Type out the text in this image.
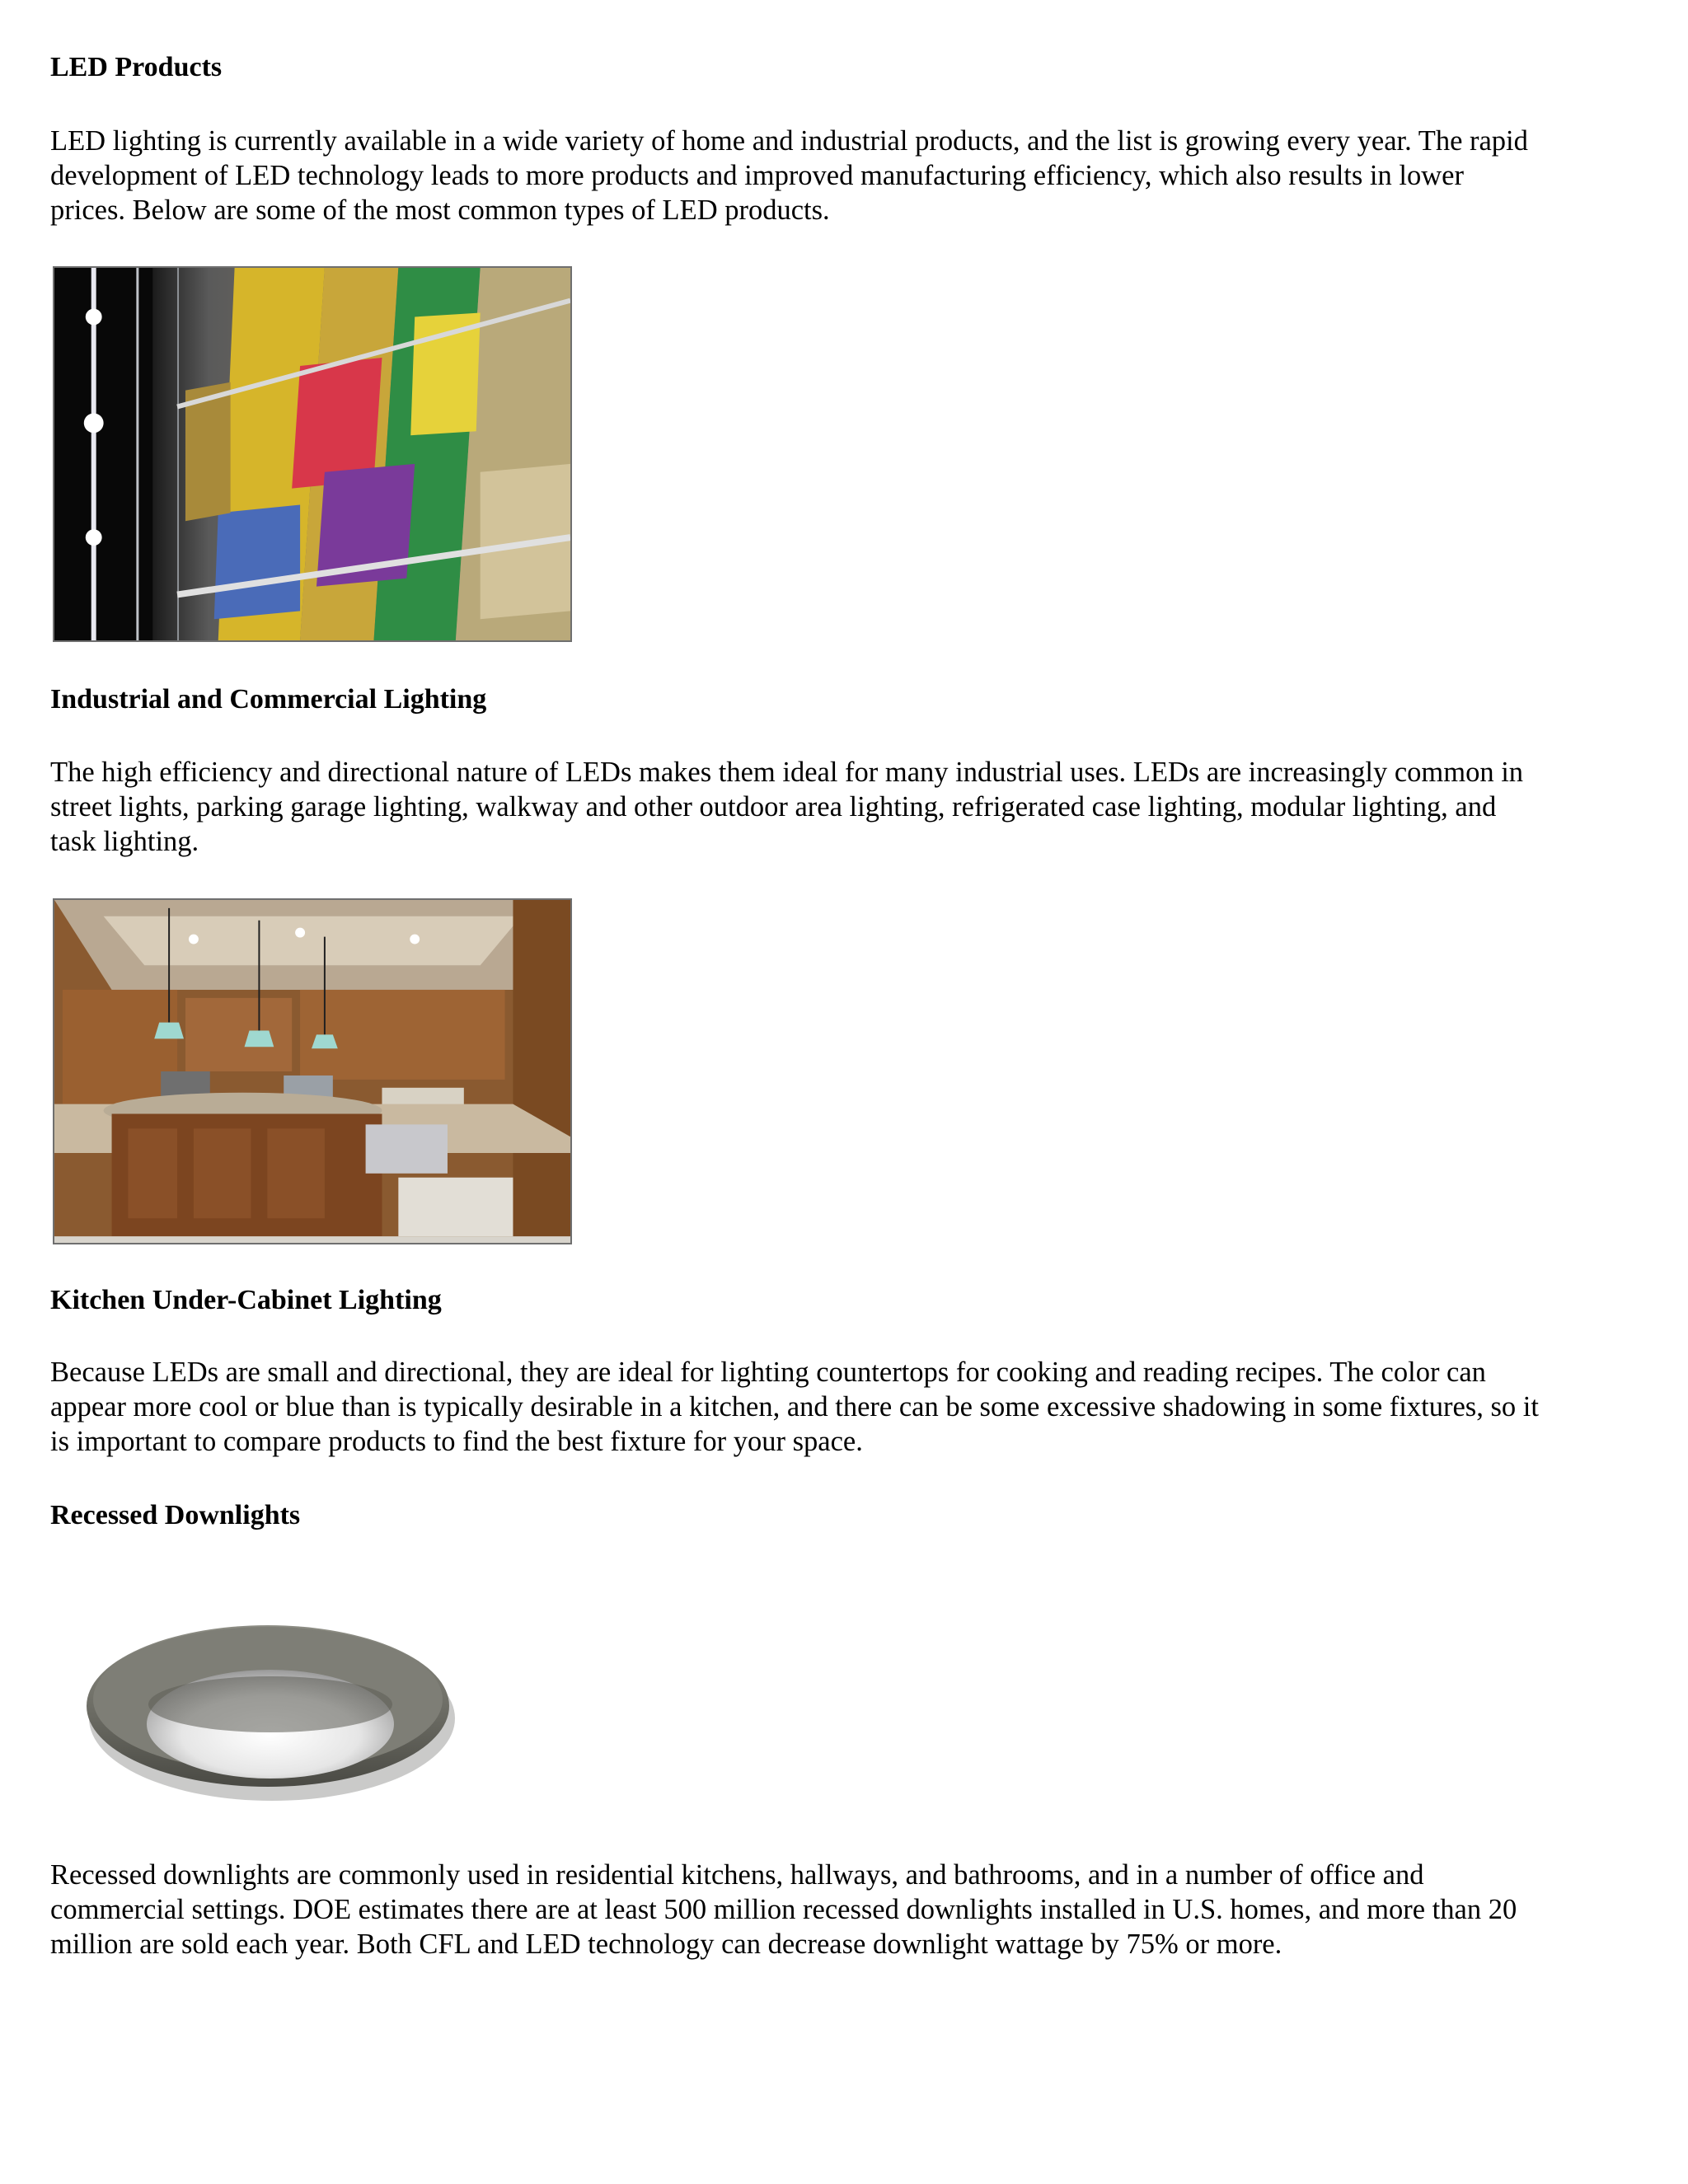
LED Products

LED lighting is currently available in a wide variety of home and industrial products, and the list is growing every year. The rapid
development of LED technology leads to more products and improved manufacturing efficiency, which also results in lower
prices. Below are some of the most common types of LED products.

Industrial and Commercial Lighting

The high efficiency and directional nature of LEDs makes them ideal for many industrial uses. LEDs are increasingly common in
street lights, parking garage lighting, walkway and other outdoor area lighting, refrigerated case lighting, modular lighting, and
task lighting.

Kitchen Under-Cabinet Lighting

Because LEDs are small and directional, they are ideal for lighting countertops for cooking and reading recipes. The color can
appear more cool or blue than is typically desirable in a kitchen, and there can be some excessive shadowing in some fixtures, so it
is important to compare products to find the best fixture for your space.

Recessed Downlights

Recessed downlights are commonly used in residential kitchens, hallways, and bathrooms, and in a number of office and
commercial settings. DOE estimates there are at least 500 million recessed downlights installed in U.S. homes, and more than 20
million are sold each year. Both CFL and LED technology can decrease downlight wattage by 75% or more.
